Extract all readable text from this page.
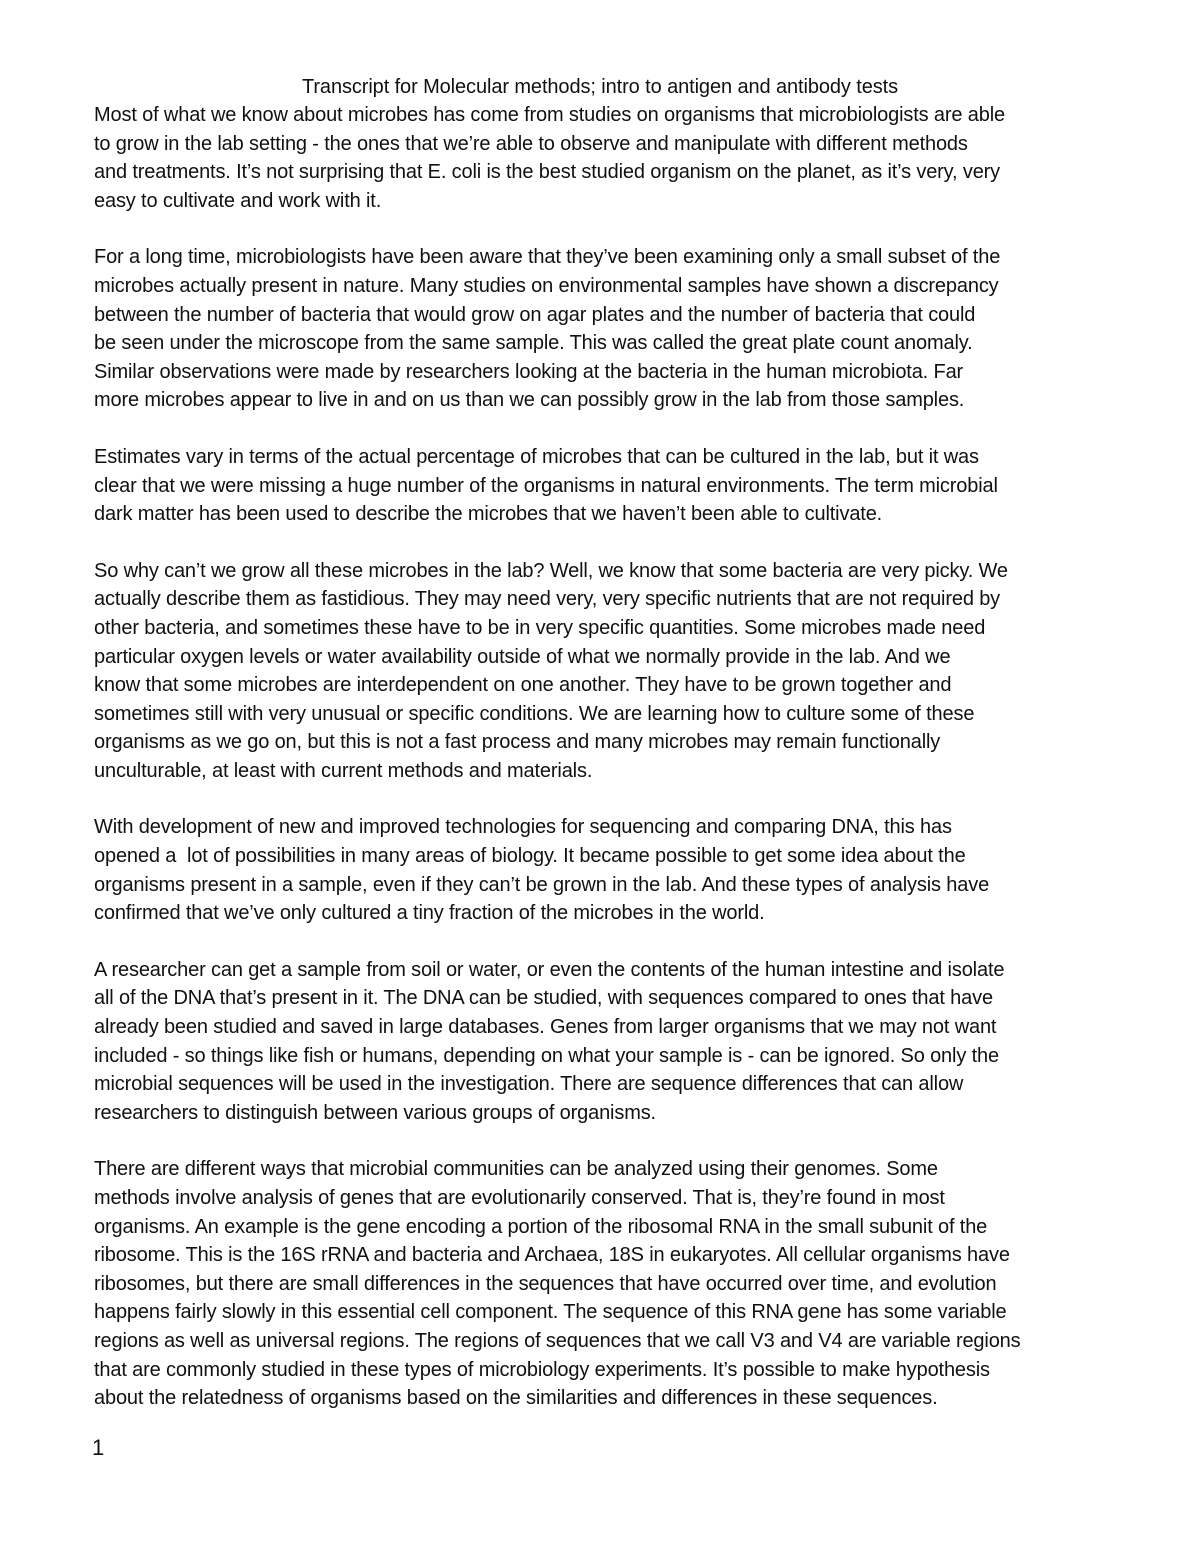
Transcript for Molecular methods; intro to antigen and antibody tests

Most of what we know about microbes has come from studies on organisms that microbiologists are able
to grow in the lab setting - the ones that we’re able to observe and manipulate with different methods
and treatments. It’s not surprising that E. coli is the best studied organism on the planet, as it’s very, very
easy to cultivate and work with it.

For a long time, microbiologists have been aware that they’ve been examining only a small subset of the
microbes actually present in nature. Many studies on environmental samples have shown a discrepancy
between the number of bacteria that would grow on agar plates and the number of bacteria that could
be seen under the microscope from the same sample. This was called the great plate count anomaly.
Similar observations were made by researchers looking at the bacteria in the human microbiota. Far
more microbes appear to live in and on us than we can possibly grow in the lab from those samples.

Estimates vary in terms of the actual percentage of microbes that can be cultured in the lab, but it was
clear that we were missing a huge number of the organisms in natural environments. The term microbial
dark matter has been used to describe the microbes that we haven’t been able to cultivate.

So why can’t we grow all these microbes in the lab? Well, we know that some bacteria are very picky. We
actually describe them as fastidious. They may need very, very specific nutrients that are not required by
other bacteria, and sometimes these have to be in very specific quantities. Some microbes made need
particular oxygen levels or water availability outside of what we normally provide in the lab. And we
know that some microbes are interdependent on one another. They have to be grown together and
sometimes still with very unusual or specific conditions. We are learning how to culture some of these
organisms as we go on, but this is not a fast process and many microbes may remain functionally
unculturable, at least with current methods and materials.

With development of new and improved technologies for sequencing and comparing DNA, this has
opened a  lot of possibilities in many areas of biology. It became possible to get some idea about the
organisms present in a sample, even if they can’t be grown in the lab. And these types of analysis have
confirmed that we’ve only cultured a tiny fraction of the microbes in the world.

A researcher can get a sample from soil or water, or even the contents of the human intestine and isolate
all of the DNA that’s present in it. The DNA can be studied, with sequences compared to ones that have
already been studied and saved in large databases. Genes from larger organisms that we may not want
included - so things like fish or humans, depending on what your sample is - can be ignored. So only the
microbial sequences will be used in the investigation. There are sequence differences that can allow
researchers to distinguish between various groups of organisms.

There are different ways that microbial communities can be analyzed using their genomes. Some
methods involve analysis of genes that are evolutionarily conserved. That is, they’re found in most
organisms. An example is the gene encoding a portion of the ribosomal RNA in the small subunit of the
ribosome. This is the 16S rRNA and bacteria and Archaea, 18S in eukaryotes. All cellular organisms have
ribosomes, but there are small differences in the sequences that have occurred over time, and evolution
happens fairly slowly in this essential cell component. The sequence of this RNA gene has some variable
regions as well as universal regions. The regions of sequences that we call V3 and V4 are variable regions
that are commonly studied in these types of microbiology experiments. It’s possible to make hypothesis
about the relatedness of organisms based on the similarities and differences in these sequences.

1
